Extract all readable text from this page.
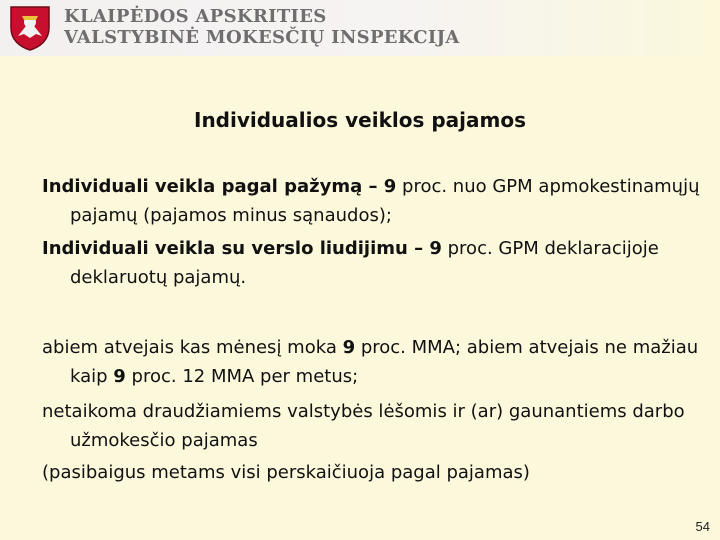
KLAIPĖDOS APSKRITIES
VALSTYBINĖ MOKESČIŲ INSPEKCIJA
Individualios veiklos pajamos
Individuali veikla pagal pažymą – 9 proc. nuo GPM apmokestinamųjų pajamų (pajamos minus sąnaudos);
Individuali veikla su verslo liudijimu – 9 proc. GPM deklaracijoje deklaruotų pajamų.
abiem atvejais kas mėnesį moka 9 proc. MMA; abiem atvejais ne mažiau kaip 9 proc. 12 MMA per metus;
netaikoma draudžiamiems valstybės lėšomis ir (ar) gaunantiems darbo užmokesčio pajamas
(pasibaigus metams visi perskaičiuoja pagal pajamas)
54
